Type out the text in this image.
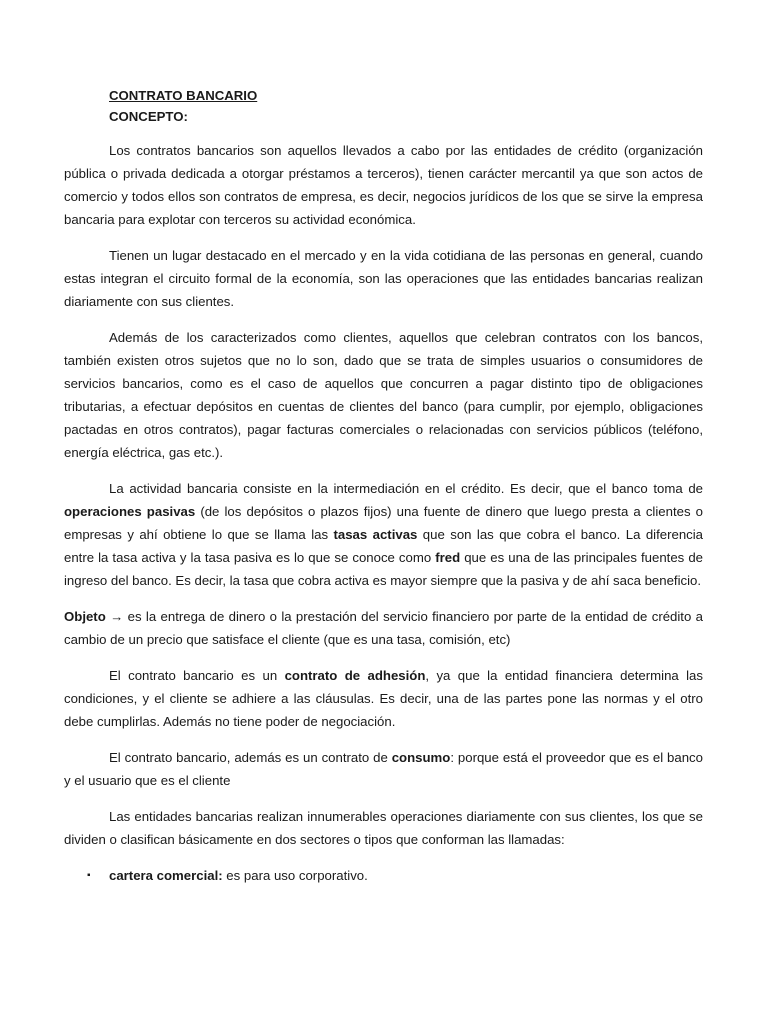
CONTRATO BANCARIO
CONCEPTO:

Los contratos bancarios son aquellos llevados a cabo por las entidades de crédito (organización pública o privada dedicada a otorgar préstamos a terceros), tienen carácter mercantil ya que son actos de comercio y todos ellos son contratos de empresa, es decir, negocios jurídicos de los que se sirve la empresa bancaria para explotar con terceros su actividad económica.

Tienen un lugar destacado en el mercado y en la vida cotidiana de las personas en general, cuando estas integran el circuito formal de la economía, son las operaciones que las entidades bancarias realizan diariamente con sus clientes.

Además de los caracterizados como clientes, aquellos que celebran contratos con los bancos, también existen otros sujetos que no lo son, dado que se trata de simples usuarios o consumidores de servicios bancarios, como es el caso de aquellos que concurren a pagar distinto tipo de obligaciones tributarias, a efectuar depósitos en cuentas de clientes del banco (para cumplir, por ejemplo, obligaciones pactadas en otros contratos), pagar facturas comerciales o relacionadas con servicios públicos (teléfono, energía eléctrica, gas etc.).

La actividad bancaria consiste en la intermediación en el crédito. Es decir, que el banco toma de operaciones pasivas (de los depósitos o plazos fijos) una fuente de dinero que luego presta a clientes o empresas y ahí obtiene lo que se llama las tasas activas que son las que cobra el banco. La diferencia entre la tasa activa y la tasa pasiva es lo que se conoce como fred que es una de las principales fuentes de ingreso del banco. Es decir, la tasa que cobra activa es mayor siempre que la pasiva y de ahí saca beneficio.

Objeto → es la entrega de dinero o la prestación del servicio financiero por parte de la entidad de crédito a cambio de un precio que satisface el cliente (que es una tasa, comisión, etc)

El contrato bancario es un contrato de adhesión, ya que la entidad financiera determina las condiciones, y el cliente se adhiere a las cláusulas. Es decir, una de las partes pone las normas y el otro debe cumplirlas. Además no tiene poder de negociación.

El contrato bancario, además es un contrato de consumo: porque está el proveedor que es el banco y el usuario que es el cliente

Las entidades bancarias realizan innumerables operaciones diariamente con sus clientes, los que se dividen o clasifican básicamente en dos sectores o tipos que conforman las llamadas:

▪ cartera comercial: es para uso corporativo.
